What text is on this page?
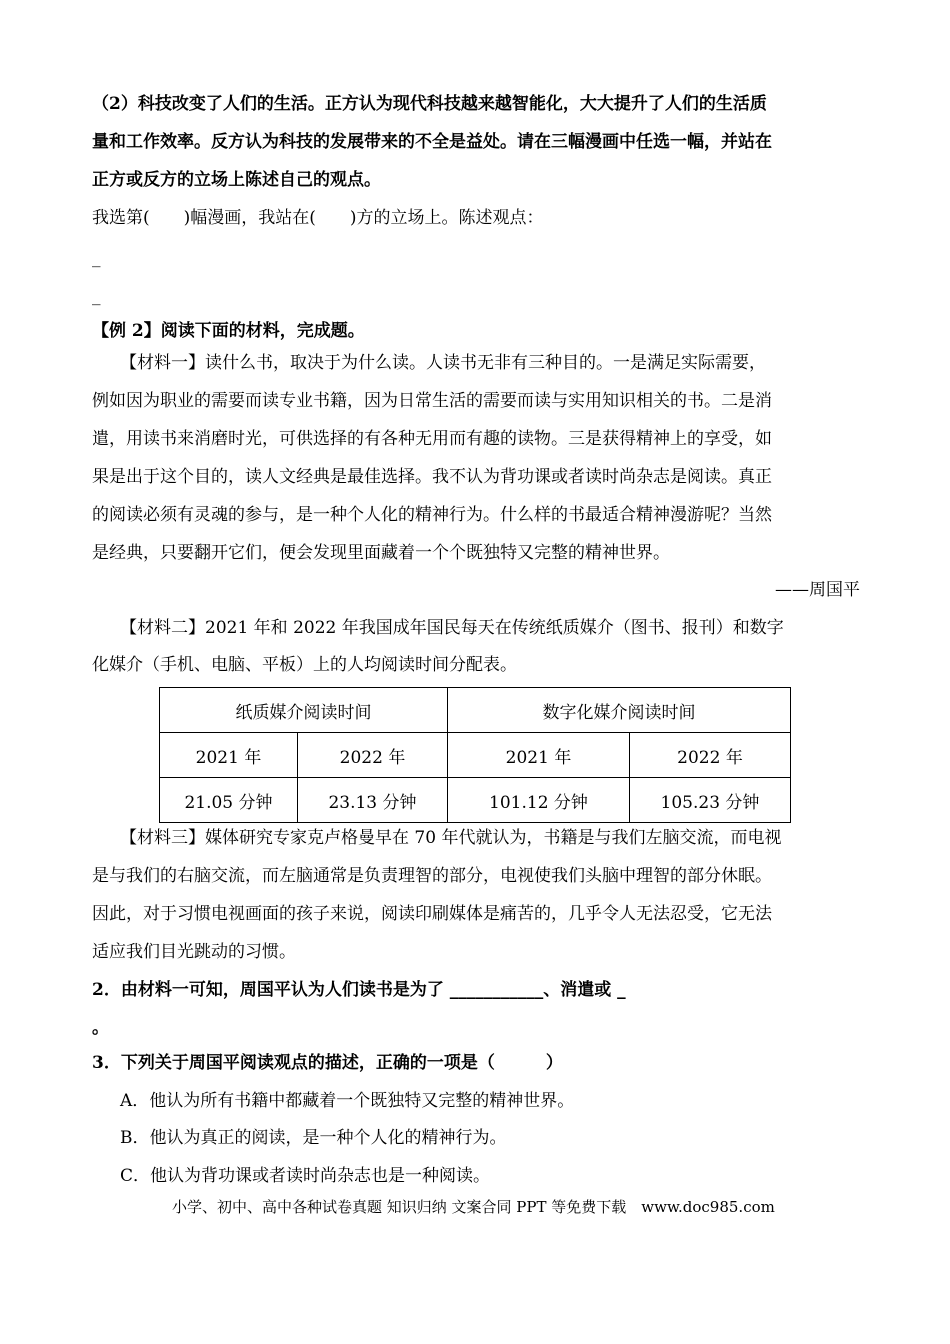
（2）科技改变了人们的生活。正方认为现代科技越来越智能化，大大提升了人们的生活质
量和工作效率。反方认为科技的发展带来的不全是益处。请在三幅漫画中任选一幅，并站在
正方或反方的立场上陈述自己的观点。
我选第(　　)幅漫画，我站在(　　)方的立场上。陈述观点：
_
_
【例 2】阅读下面的材料，完成题。
【材料一】读什么书，取决于为什么读。人读书无非有三种目的。一是满足实际需要，
例如因为职业的需要而读专业书籍，因为日常生活的需要而读与实用知识相关的书。二是消
遣，用读书来消磨时光，可供选择的有各种无用而有趣的读物。三是获得精神上的享受，如
果是出于这个目的，读人文经典是最佳选择。我不认为背功课或者读时尚杂志是阅读。真正
的阅读必须有灵魂的参与，是一种个人化的精神行为。什么样的书最适合精神漫游呢？当然
是经典，只要翻开它们，便会发现里面藏着一个个既独特又完整的精神世界。
——周国平
【材料二】2021 年和 2022 年我国成年国民每天在传统纸质媒介（图书、报刊）和数字
化媒介（手机、电脑、平板）上的人均阅读时间分配表。
纸质媒介阅读时间		数字化媒介阅读时间	
2021 年	2022 年	2021 年	2022 年
21.05 分钟	23.13 分钟	101.12 分钟	105.23 分钟
【材料三】媒体研究专家克卢格曼早在 70 年代就认为，书籍是与我们左脑交流，而电视
是与我们的右脑交流，而左脑通常是负责理智的部分，电视使我们头脑中理智的部分休眠。
因此，对于习惯电视画面的孩子来说，阅读印刷媒体是痛苦的，几乎令人无法忍受，它无法
适应我们目光跳动的习惯。
2．由材料一可知，周国平认为人们读书是为了 ___________、消遣或 _
。
3．下列关于周国平阅读观点的描述，正确的一项是（　　　）
A．他认为所有书籍中都藏着一个既独特又完整的精神世界。
B．他认为真正的阅读，是一种个人化的精神行为。
C．他认为背功课或者读时尚杂志也是一种阅读。
小学、初中、高中各种试卷真题 知识归纳 文案合同 PPT 等免费下载　www.doc985.com
